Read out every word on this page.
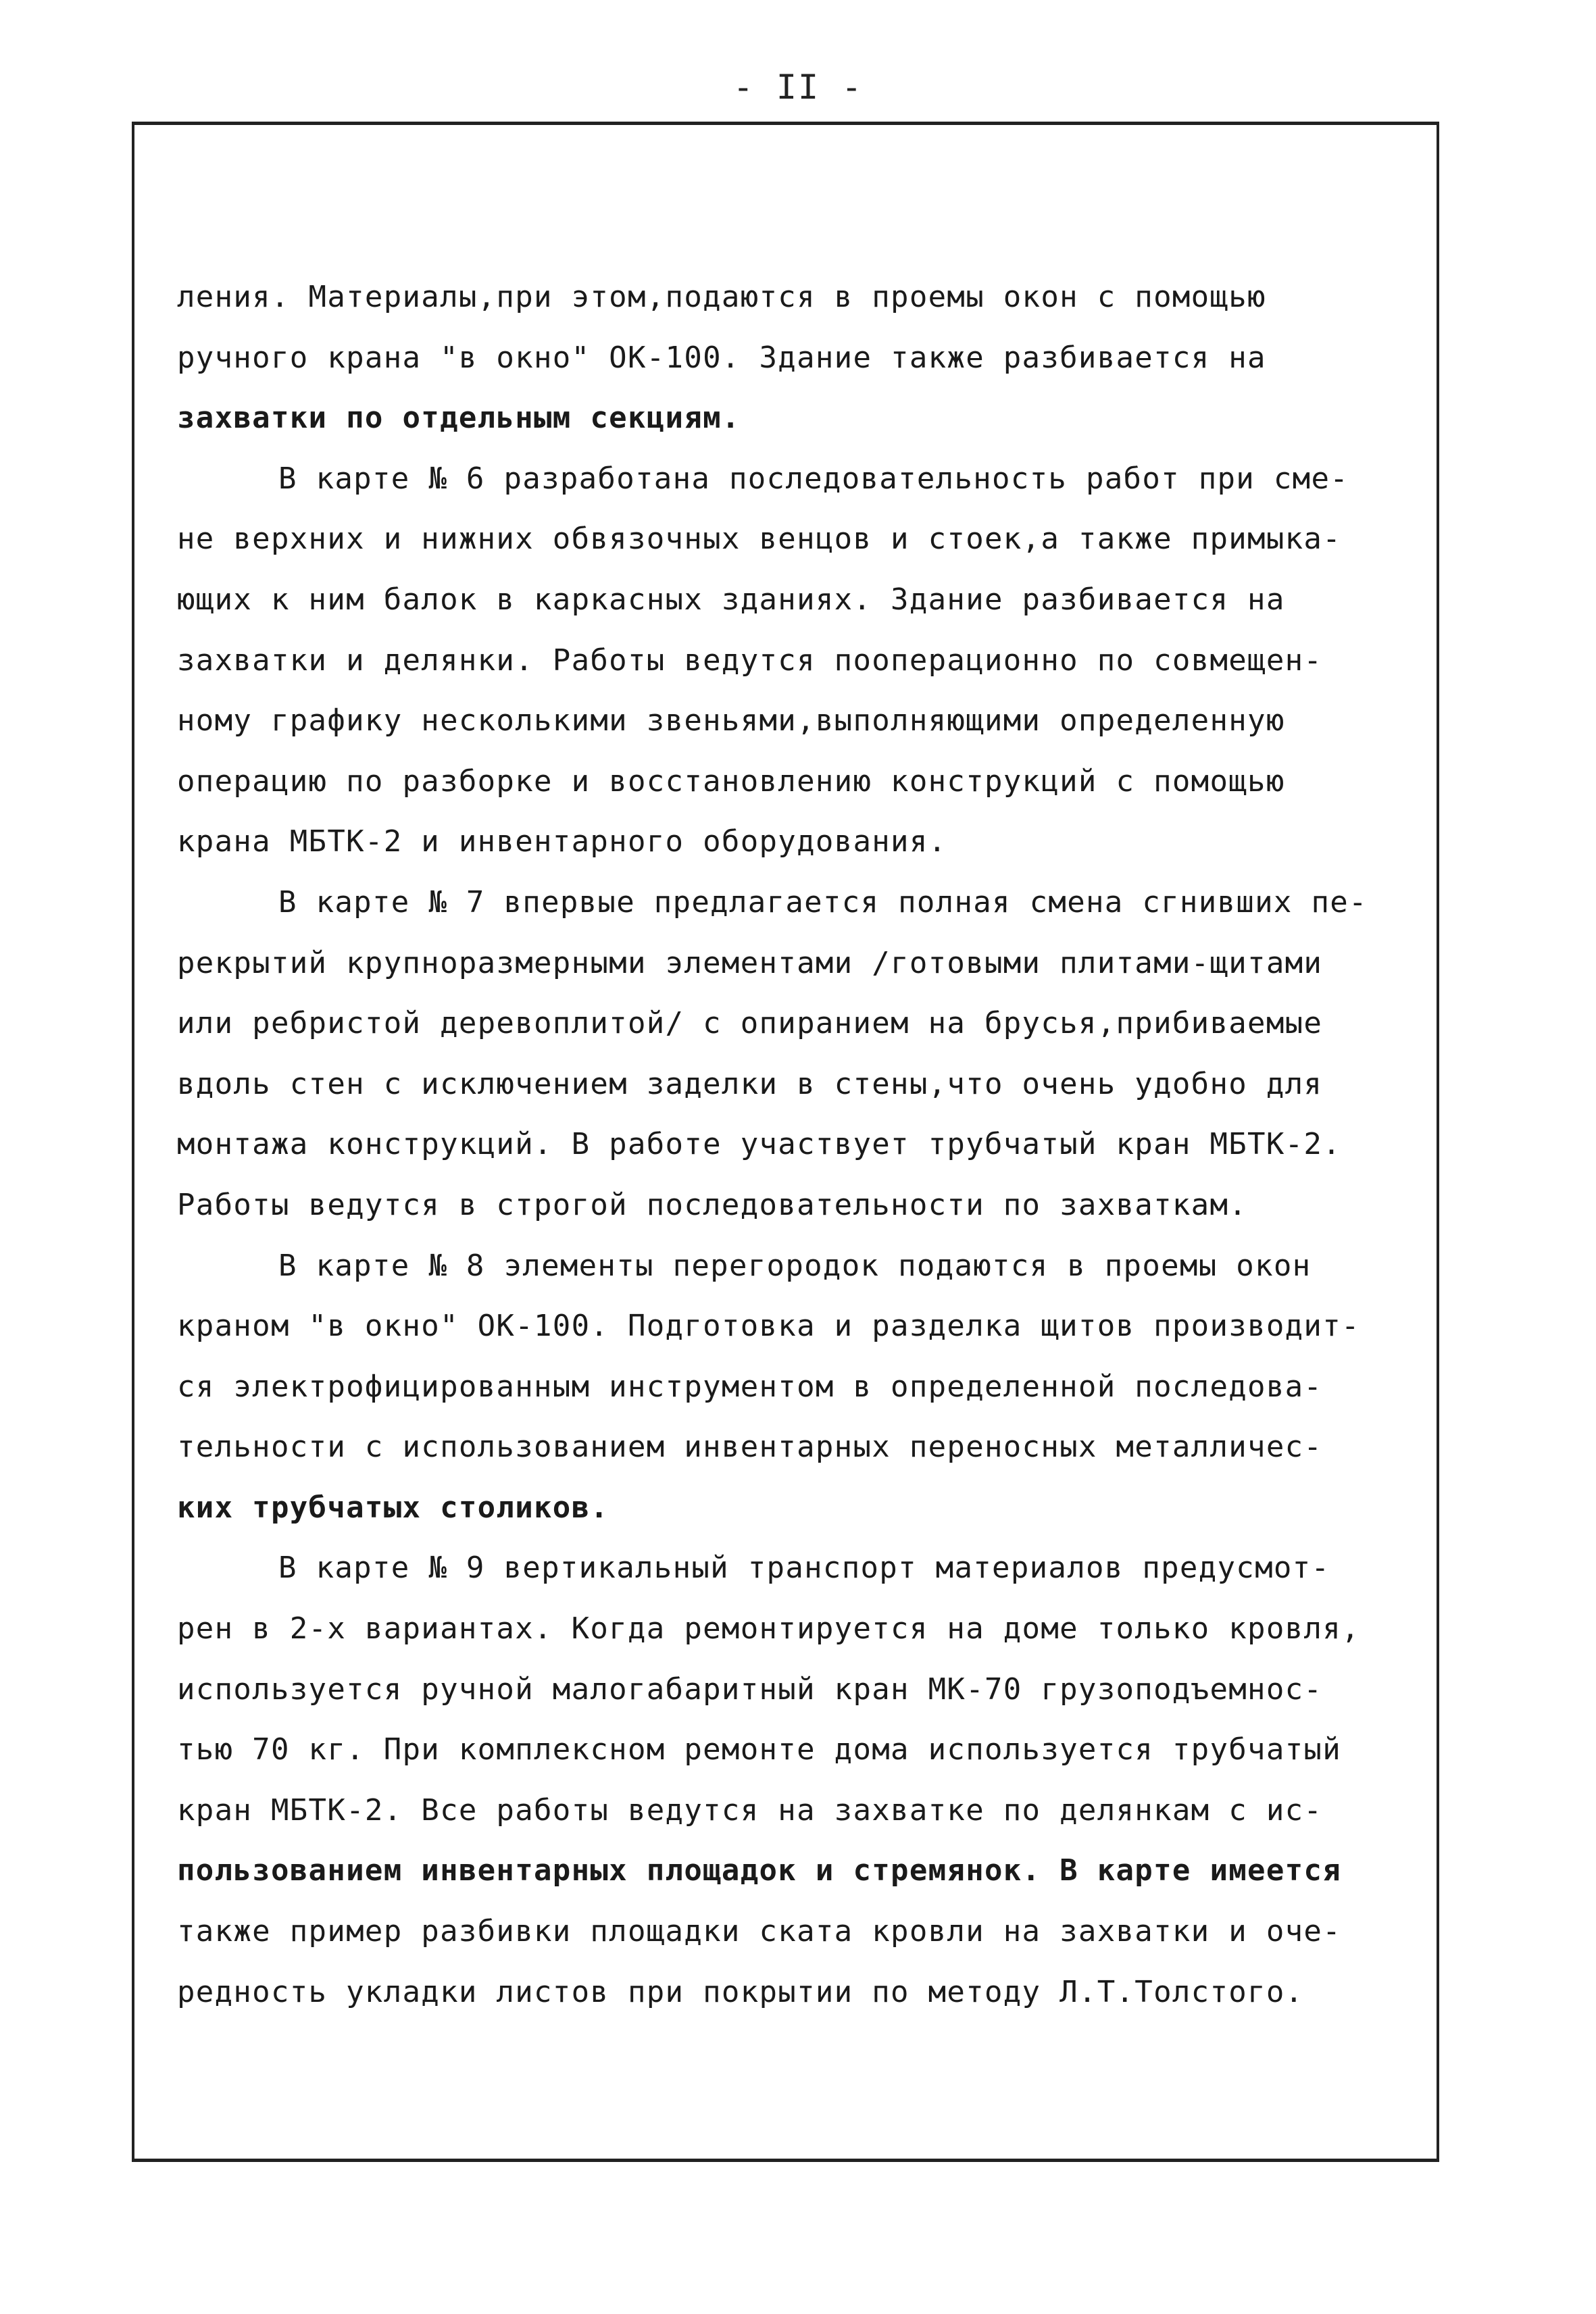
- II -
ления. Материалы,при этом,подаются в проемы окон с помощью
ручного крана "в окно" ОК-100. Здание также разбивается на
захватки по отдельным секциям.
В карте № 6 разработана последовательность работ при сме-
не верхних и нижних обвязочных венцов и стоек,а также примыка-
ющих к ним балок в каркасных зданиях. Здание разбивается на
захватки и делянки. Работы ведутся поoперационно по совмещен-
ному графику несколькими звеньями,выполняющими определенную
операцию по разборке и восстановлению конструкций с помощью
крана МБТК-2 и инвентарного оборудования.
В карте № 7 впервые предлагается полная смена сгнивших пе-
рекрытий крупноразмерными элементами /готовыми плитами-щитами
или ребристой деревоплитой/ с опиранием на брусья,прибиваемые
вдоль стен с исключением заделки в стены,что очень удобно для
монтажа конструкций. В работе участвует трубчатый кран МБТК-2.
Работы ведутся в строгой последовательности по захваткам.
В карте № 8 элементы перегородок подаются в проемы окон
краном "в окно" ОК-100. Подготовка и разделка щитов производит-
ся электрофицированным инструментом в определенной последова-
тельности с использованием инвентарных переносных металличес-
ких трубчатых столиков.
В карте № 9 вертикальный транспорт материалов предусмот-
рен в 2-х вариантах. Когда ремонтируется на доме только кровля,
используется ручной малогабаритный кран МК-70 грузоподъемнос-
тью 70 кг. При комплексном ремонте дома используется трубчатый
кран МБТК-2. Все работы ведутся на захватке по делянкам с ис-
пользованием инвентарных площадок и стремянок. В карте имеется
также пример разбивки площадки ската кровли на захватки и оче-
редность укладки листов при покрытии по методу Л.Т.Толстого.
